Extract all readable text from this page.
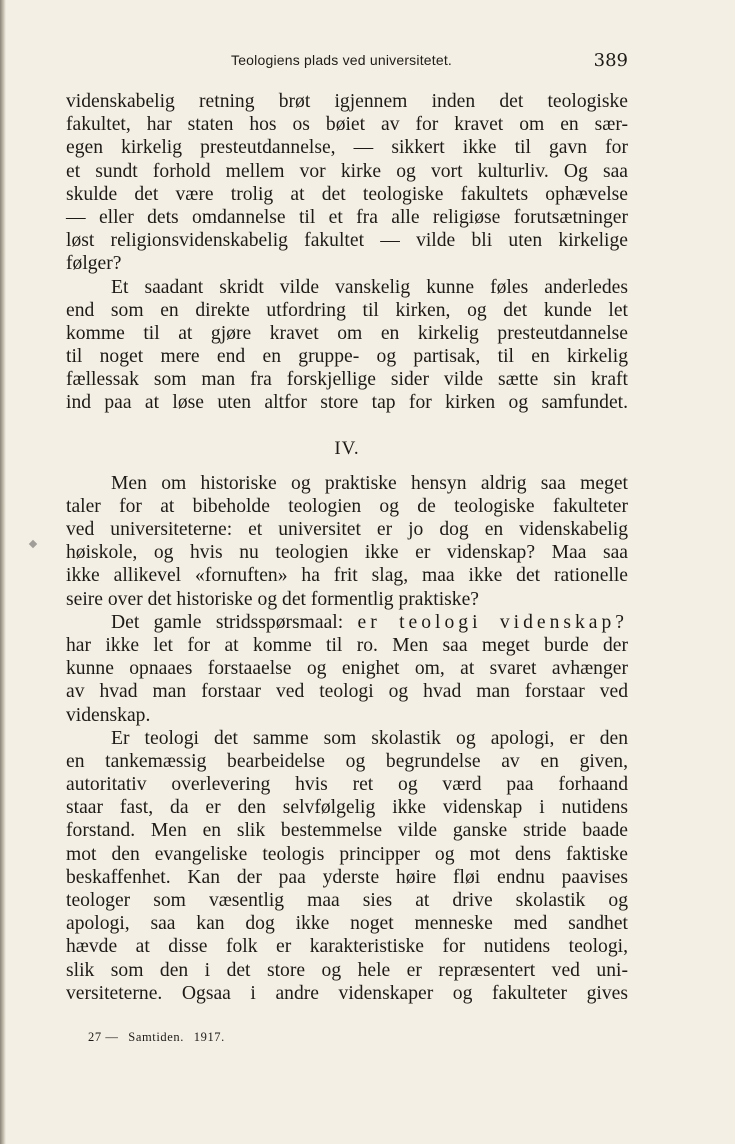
Teologiens plads ved universitetet.	389
videnskabelig retning brøt igjennem inden det teologiske
fakultet, har staten hos os bøiet av for kravet om en sær-
egen kirkelig presteutdannelse, — sikkert ikke til gavn for
et sundt forhold mellem vor kirke og vort kulturliv. Og saa
skulde det være trolig at det teologiske fakultets ophævelse
— eller dets omdannelse til et fra alle religiøse forutsætninger
løst religionsvidenskabelig fakultet — vilde bli uten kirkelige
følger?
Et saadant skridt vilde vanskelig kunne føles anderledes
end som en direkte utfordring til kirken, og det kunde let
komme til at gjøre kravet om en kirkelig presteutdannelse
til noget mere end en gruppe- og partisak, til en kirkelig
fællessak som man fra forskjellige sider vilde sætte sin kraft
ind paa at løse uten altfor store tap for kirken og samfundet.
IV.
Men om historiske og praktiske hensyn aldrig saa meget
taler for at bibeholde teologien og de teologiske fakulteter
ved universiteterne: et universitet er jo dog en videnskabelig
høiskole, og hvis nu teologien ikke er videnskap? Maa saa
ikke allikevel «fornuften» ha frit slag, maa ikke det rationelle
seire over det historiske og det formentlig praktiske?
Det gamle stridsspørsmaal: er teologi videnskap?
har ikke let for at komme til ro. Men saa meget burde der
kunne opnaaes forstaaelse og enighet om, at svaret avhænger
av hvad man forstaar ved teologi og hvad man forstaar ved
videnskap.
Er teologi det samme som skolastik og apologi, er den
en tankemæssig bearbeidelse og begrundelse av en given,
autoritativ overlevering hvis ret og værd paa forhaand
staar fast, da er den selvfølgelig ikke videnskap i nutidens
forstand. Men en slik bestemmelse vilde ganske stride baade
mot den evangeliske teologis principper og mot dens faktiske
beskaffenhet. Kan der paa yderste høire fløi endnu paavises
teologer som væsentlig maa sies at drive skolastik og
apologi, saa kan dog ikke noget menneske med sandhet
hævde at disse folk er karakteristiske for nutidens teologi,
slik som den i det store og hele er repræsentert ved uni-
versiteterne. Ogsaa i andre videnskaper og fakulteter gives
27 — Samtiden. 1917.
